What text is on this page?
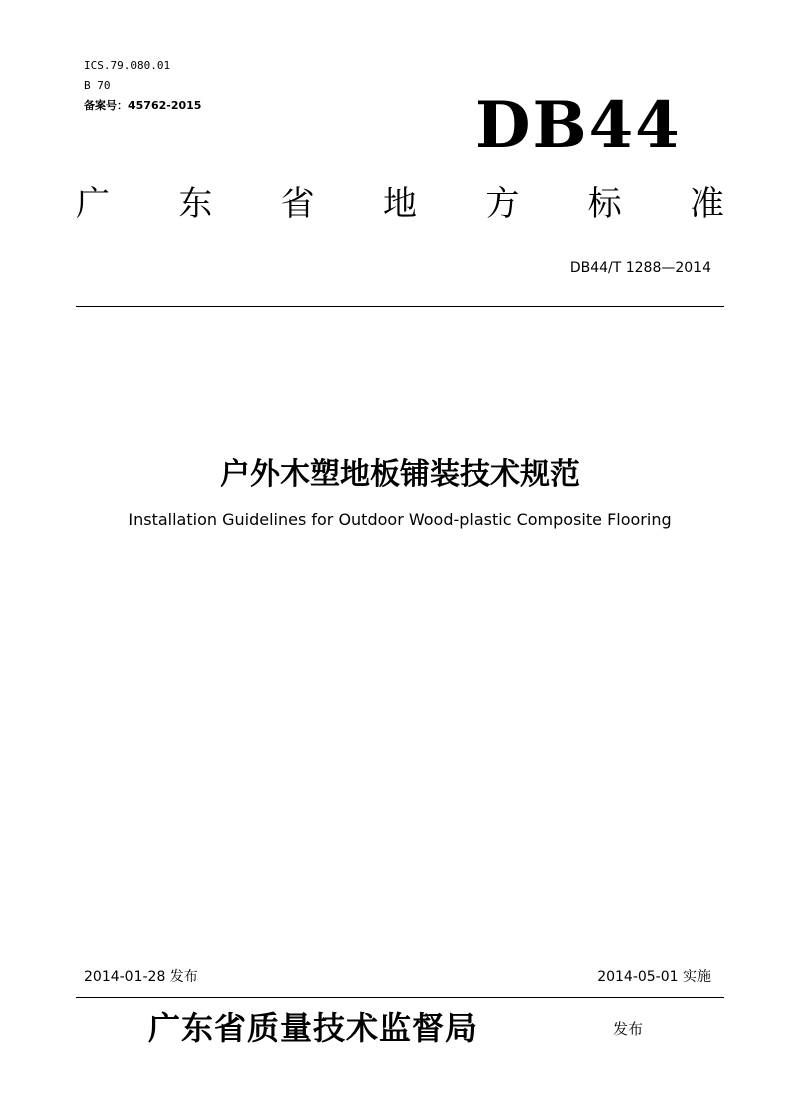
ICS.79.080.01
B 70
备案号：45762-2015	DB44
广 东 省 地 方 标 准
DB44/T 1288—2014
户外木塑地板铺装技术规范
Installation Guidelines for Outdoor Wood-plastic Composite Flooring
2014-01-28 发布	2014-05-01 实施
广东省质量技术监督局	发布
